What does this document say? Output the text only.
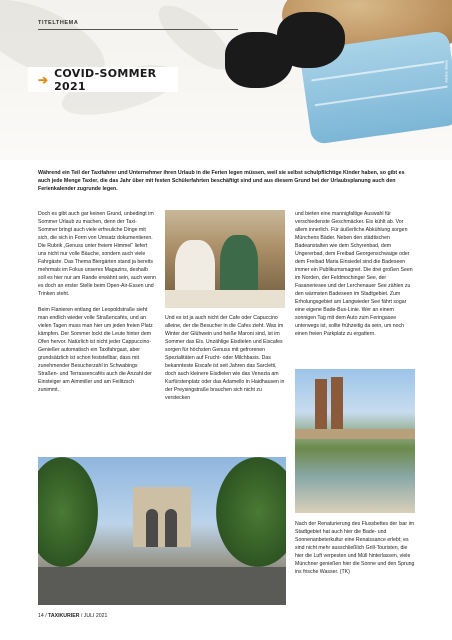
TITELTHEMA
Adobe Stock
➔ COVID-SOMMER 2021
Während ein Teil der Taxifahrer und Unternehmer ihren Urlaub in die Ferien legen müssen, weil sie selbst schulpflichtige Kinder haben, so gibt es auch jede Menge Taxler, die das Jahr über mit festen Schülerfahrten beschäftigt sind und aus diesem Grund bei der Urlaubsplanung auch den Ferienkalender zugrunde legen.

Doch es gibt auch gar keinen Grund, unbedingt im Sommer Urlaub zu machen, denn der Taxi-Sommer bringt auch viele erfreuliche Dinge mit sich, die sich in Form von Umsatz dokumentieren. Die Rubrik „Genuss unter freiem Himmel“ liefert uns nicht nur volle Bäuche, sondern auch viele Fahrgäste. Das Thema Biergärten stand ja bereits mehrmals im Fokus unseres Magazins, deshalb soll es hier nur am Rande erwähnt sein, auch wenn es doch an erster Stelle beim Open-Air-Essen und Trinken steht.

Beim Flanieren entlang der Leopoldstraße sieht man endlich wieder volle Straßencafés, und an vielen Tagen muss man hier um jeden freien Platz kämpfen. Der Sommer lockt die Leute hinter dem Ofen hervor. Natürlich ist nicht jeder Cappuccino-Genießer automatisch ein Taxifahrgast, aber grundsätzlich ist schon feststellbar, dass mit zunehmender Besucherzahl in Schwabings Straßen- und Terrassencafés auch die Anzahl der Einsteiger am Aimmiller und am Feilitzsch zunimmt.

Und es ist ja auch nicht der Cafe oder Capuccino alleine, der die Besucher in die Cafes zieht. Was im Winter der Glühwein und heiße Maroni sind, ist im Sommer das Eis. Unzählige Eisdielen und Eiscafes sorgen für höchsten Genuss mit gefrorenen Spezialitäten auf Frucht- oder Milchbasis. Das bekannteste Eiscafe ist seit Jahren das Sarcletti, doch auch kleinere Eisdielen wie das Venezia am Kurfürstenplatz oder das Adamello in Haidhausen in der Preysingstraße brauchen sich nicht zu verstecken

und bieten eine mannigfaltige Auswahl für verschiedenste Geschmäcker. Eis kühlt ab. Vor allem innerlich. Für äußerliche Abkühlung sorgen Münchens Bäder. Neben den städtischen Badeanstalten wie dem Schyrenbad, dem Ungererbad, dem Freibad Georgenschwaige oder dem Freibad Maria Einsiedel sind die Badeseen immer ein Publikumsmagnet. Die drei großen Seen im Norden, der Feldmochinger See, der Fasaneriesee und der Lerchenauer See zählen zu den wärmsten Badeseen im Stadtgebiet. Zum Erholungsgebiet am Langwieder See fährt sogar eine eigene Bade-Bus-Linie. Wer an einem sonnigen Tag mit dem Auto zum Feringasee unterwegs ist, sollte frühzeitig da sein, um noch einen freien Parkplatz zu ergattern.

Nach der Renaturierung des Flussbettes der Isar im Stadtgebiet hat auch hier die Bade- und Sonnenanbeterkultur eine Renaissance erlebt; es sind nicht mehr ausschließlich Grill-Touristen, die hier die Luft verpesten und Müll hinterlassen, viele Münchner genießen hier die Sonne und den Sprung ins frische Wasser. (TK)

14 / TAXIKURIER / JULI 2021
